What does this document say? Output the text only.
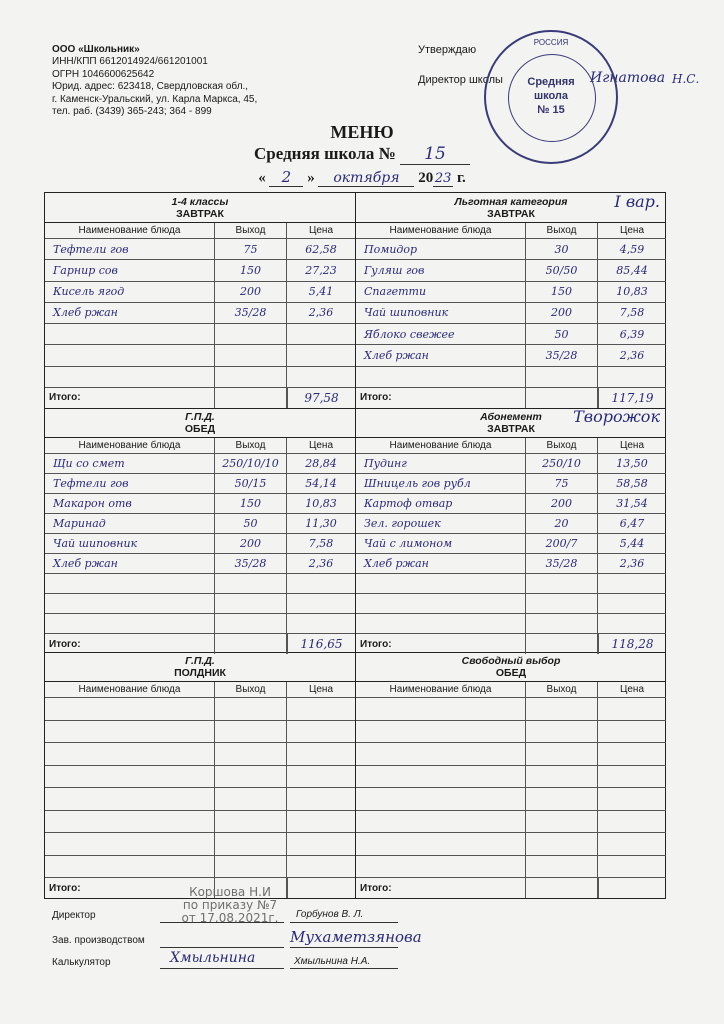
ООО «Школьник»
ИНН/КПП 6612014924/661201001
ОГРН 1046600625642
Юрид. адрес: 623418, Свердловская обл.,
г. Каменск-Уральский, ул. Карла Маркса, 45,
тел. раб. (3439) 365-243; 364 - 899
Утверждаю
Директор школы	Игнатова Н.С.
РОССИЯ
Средняя
школа
№ 15
МЕНЮ
Средняя школа № 15
« 2 » октября 20 23 г.
1-4 классы
ЗАВТРАК
Наименование блюда	Выход	Цена
Тефтели гов	75	62,58
Гарнир сов	150	27,23
Кисель ягод	200	5,41
Хлеб ржан	35/28	2,36
Итого:	97,58
Г.П.Д.
ОБЕД
Наименование блюда	Выход	Цена
Щи со смет	250/10/10	28,84
Тефтели гов	50/15	54,14
Макарон отв	150	10,83
Маринад	50	11,30
Чай шиповник	200	7,58
Хлеб ржан	35/28	2,36
Итого:	116,65
Г.П.Д.
ПОЛДНИК
Наименование блюда	Выход	Цена
Итого:
Льготная категория
ЗАВТРАК
I вар.
Наименование блюда	Выход	Цена
Помидор	30	4,59
Гуляш гов	50/50	85,44
Спагетти	150	10,83
Чай шиповник	200	7,58
Яблоко свежее	50	6,39
Хлеб ржан	35/28	2,36
Итого:	117,19
Абонемент
ЗАВТРАК
Творожок
Наименование блюда	Выход	Цена
Пудинг	250/10	13,50
Шницель гов рубл	75	58,58
Картоф отвар	200	31,54
Зел. горошек	20	6,47
Чай с лимоном	200/7	5,44
Хлеб ржан	35/28	2,36
Итого:	118,28
Свободный выбор
ОБЕД
Наименование блюда	Выход	Цена
Итого:
Директор	Горбунов В. Л.
Зав. производством	Мухаметзянова
Калькулятор	Хмыльнина	Хмыльнина Н.А.
Коршова Н.И
по приказу №7
от 17.08.2021г.
